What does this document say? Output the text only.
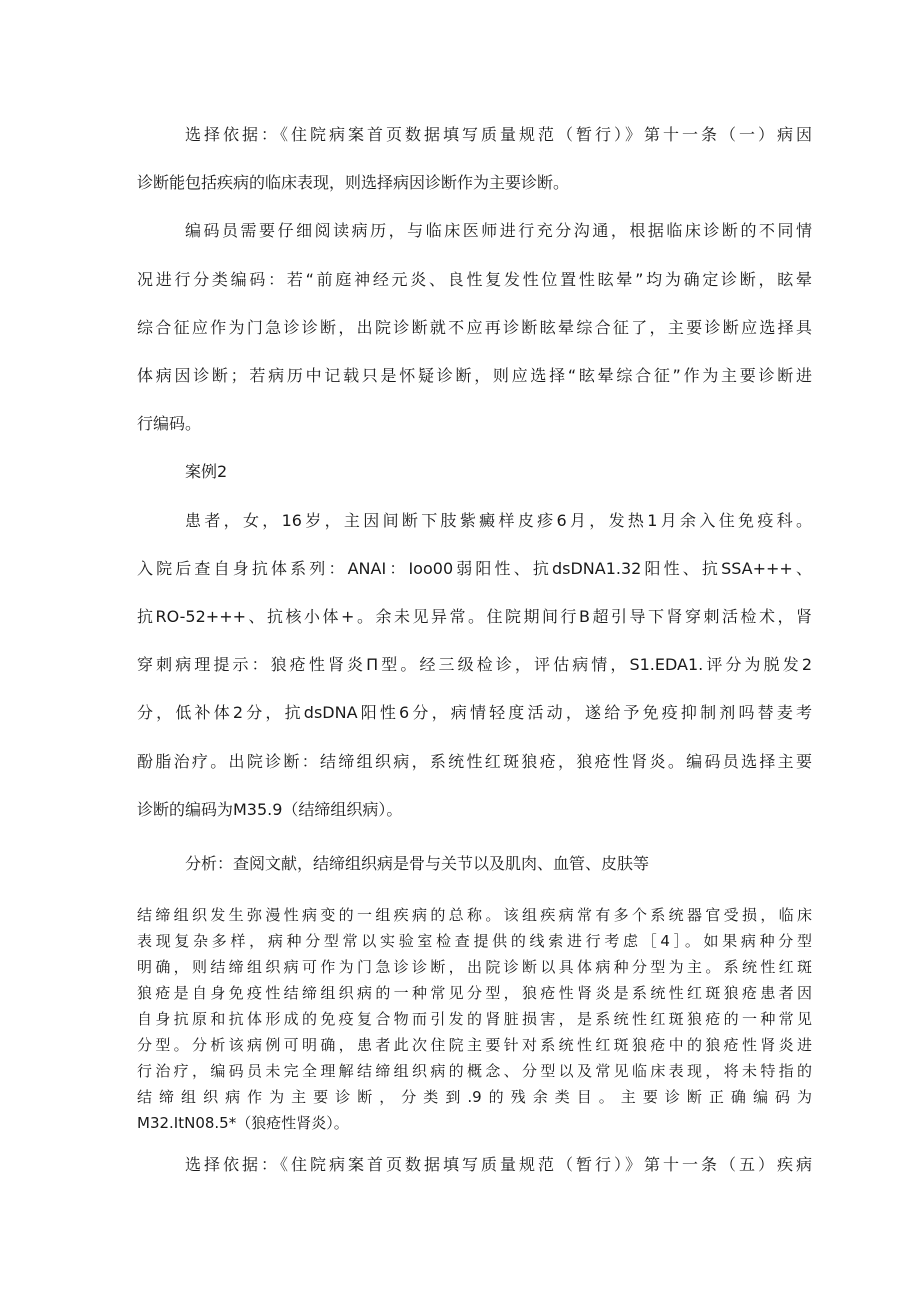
选择依据：《住院病案首页数据填写质量规范（暂行）》第十一条（一）病因
诊断能包括疾病的临床表现，则选择病因诊断作为主要诊断。
编码员需要仔细阅读病历，与临床医师进行充分沟通，根据临床诊断的不同情
况进行分类编码：若“前庭神经元炎、良性复发性位置性眩晕”均为确定诊断，眩晕
综合征应作为门急诊诊断，出院诊断就不应再诊断眩晕综合征了，主要诊断应选择具
体病因诊断；若病历中记载只是怀疑诊断，则应选择“眩晕综合征”作为主要诊断进
行编码。
案例2
患者，女，16岁，主因间断下肢紫癜样皮疹6月，发热1月余入住免疫科。
入院后查自身抗体系列：ANAI：Ioo00弱阳性、抗dsDNA1.32阳性、抗SSA+++、
抗RO-52+++、抗核小体+。余未见异常。住院期间行B超引导下肾穿刺活检术，肾
穿刺病理提示：狼疮性肾炎Π型。经三级检诊，评估病情，S1.EDA1.评分为脱发2
分，低补体2分，抗dsDNA阳性6分，病情轻度活动，遂给予免疫抑制剂吗替麦考
酚脂治疗。出院诊断：结缔组织病，系统性红斑狼疮，狼疮性肾炎。编码员选择主要
诊断的编码为M35.9（结缔组织病）。
分析：查阅文献，结缔组织病是骨与关节以及肌肉、血管、皮肤等
结缔组织发生弥漫性病变的一组疾病的总称。该组疾病常有多个系统器官受损，临床
表现复杂多样，病种分型常以实验室检查提供的线索进行考虑［4］。如果病种分型
明确，则结缔组织病可作为门急诊诊断，出院诊断以具体病种分型为主。系统性红斑
狼疮是自身免疫性结缔组织病的一种常见分型，狼疮性肾炎是系统性红斑狼疮患者因
自身抗原和抗体形成的免疫复合物而引发的肾脏损害，是系统性红斑狼疮的一种常见
分型。分析该病例可明确，患者此次住院主要针对系统性红斑狼疮中的狼疮性肾炎进
行治疗，编码员未完全理解结缔组织病的概念、分型以及常见临床表现，将未特指的
结缔组织病作为主要诊断，分类到.9的残余类目。主要诊断正确编码为
M32.ItN08.5*（狼疮性肾炎）。
选择依据：《住院病案首页数据填写质量规范（暂行）》第十一条（五）疾病
